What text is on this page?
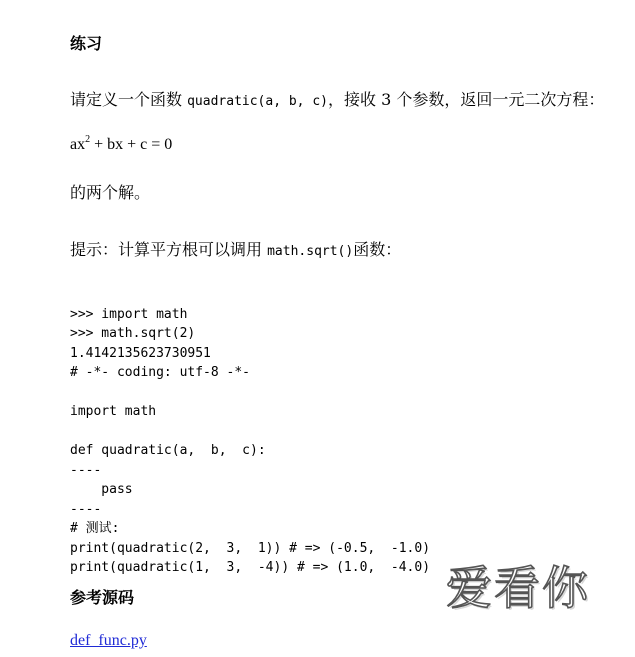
练习
请定义一个函数 quadratic(a, b, c)，接收 3 个参数，返回一元二次方程：
$ax^2$ + bx + c = 0
的两个解。
提示：计算平方根可以调用 math.sqrt()函数：

>>> import math
>>> math.sqrt(2)
1.4142135623730951
# -*- coding: utf-8 -*-
import math
def quadratic(a,  b,  c):
----
pass
----
# 测试:
print(quadratic(2,  3,  1)) # => (-0.5,  -1.0)
print(quadratic(1,  3,  -4)) # => (1.0,  -4.0)

参考源码
def_func.py
爱看你
